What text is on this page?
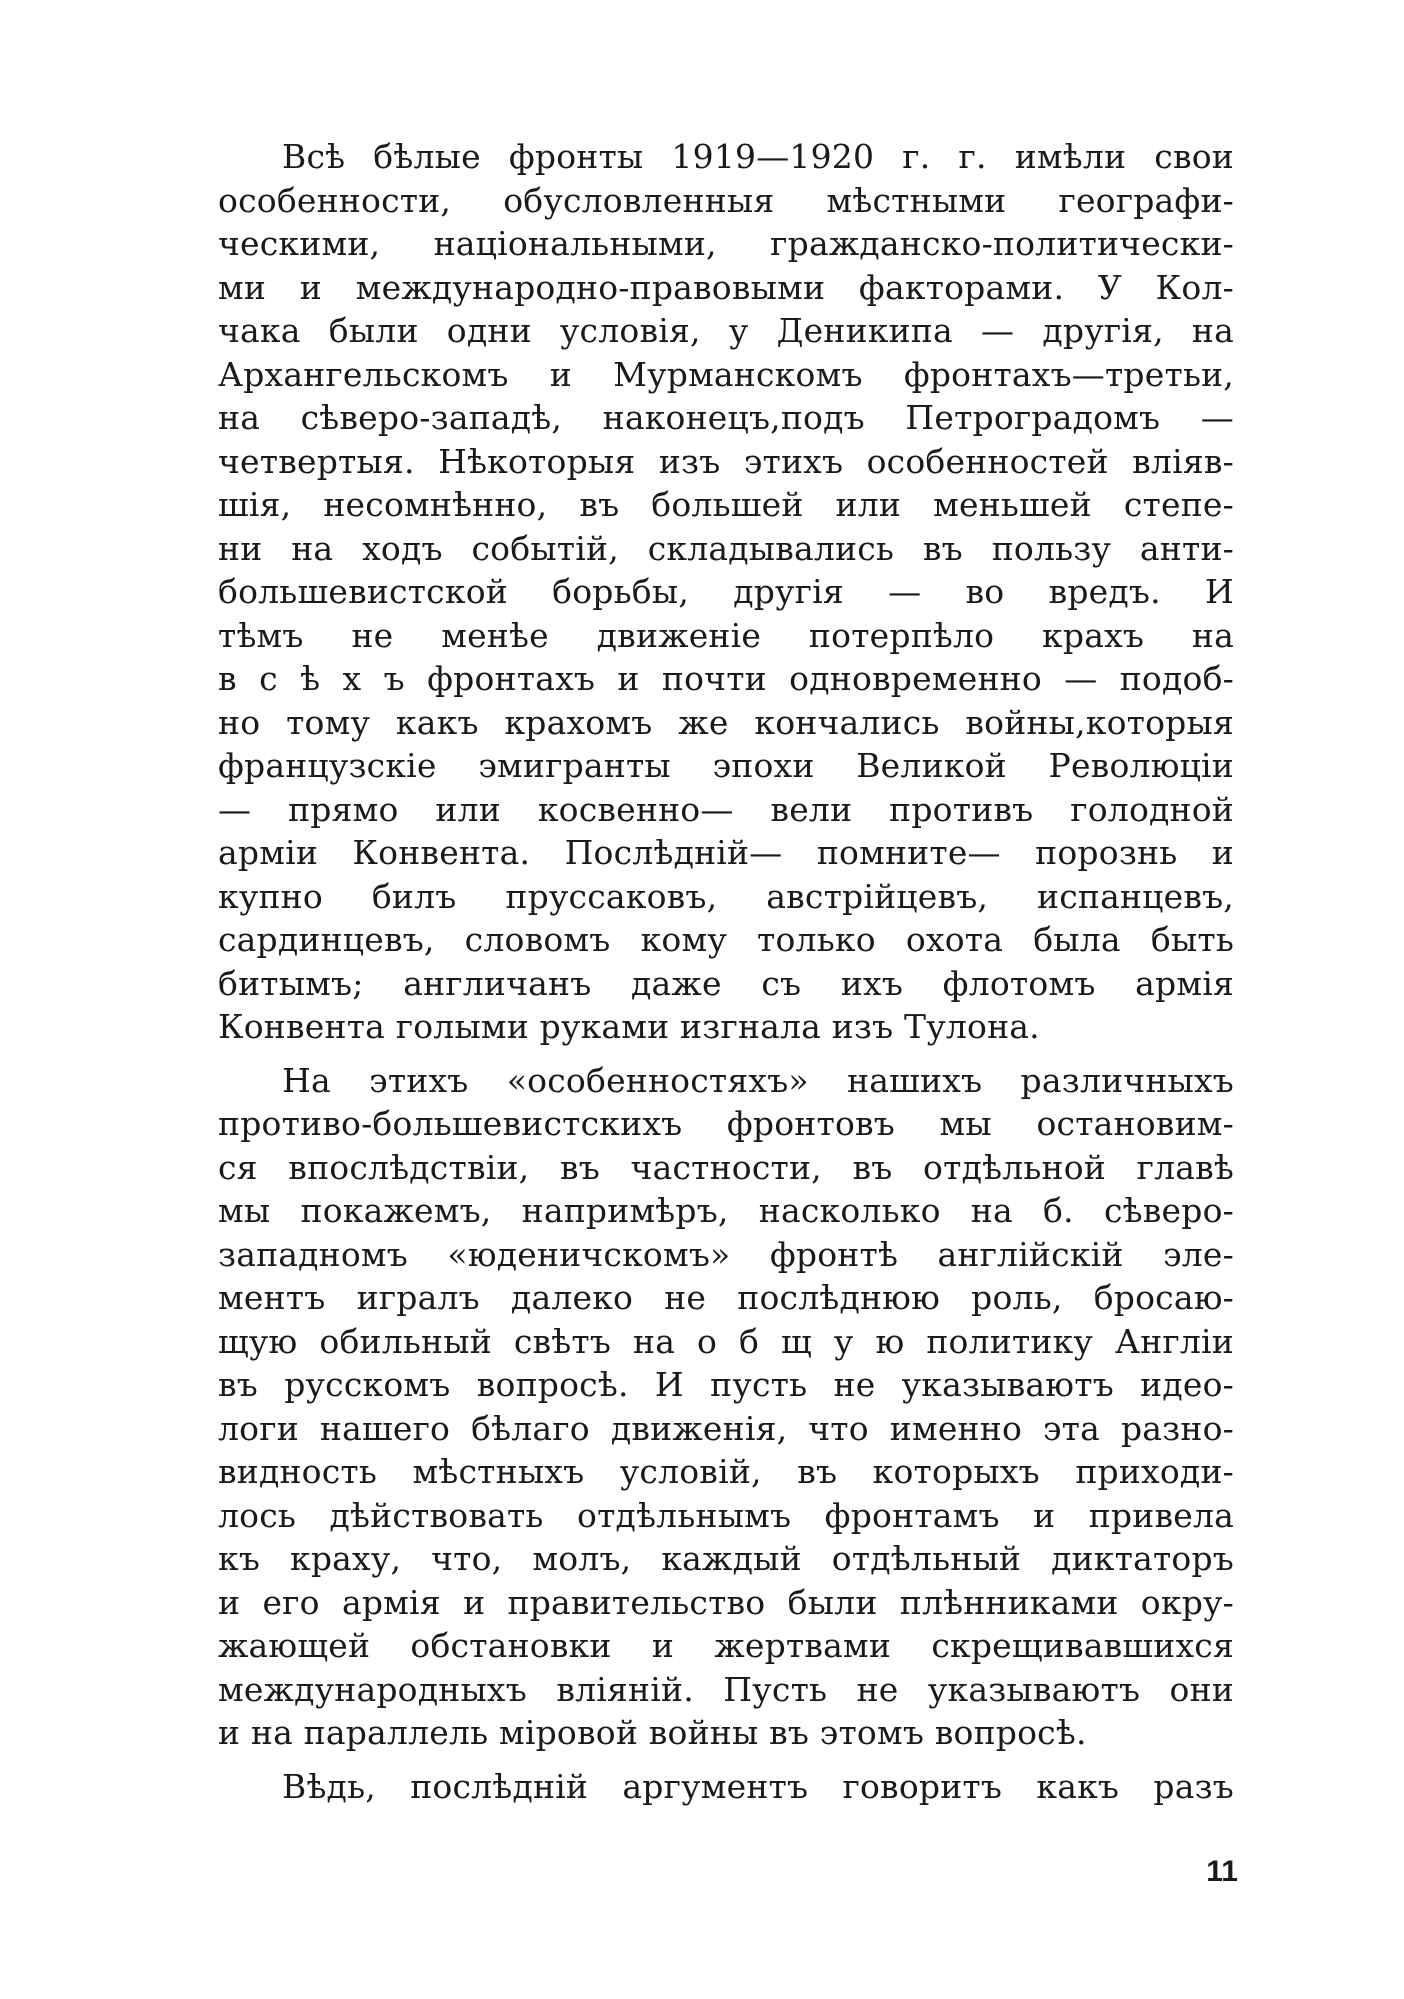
Всѣ бѣлые фронты 1919—1920 г. г. имѣли свои
особенности, обусловленныя мѣстными географи-
ческими, національными, гражданско-политически-
ми и международно-правовыми факторами. У Кол-
чака были одни условія, у Деникипа — другія, на
Архангельскомъ и Мурманскомъ фронтахъ—третьи,
на сѣверо-западѣ, наконецъ,подъ Петроградомъ —
четвертыя. Нѣкоторыя изъ этихъ особенностей вліяв-
шія, несомнѣнно, въ большей или меньшей степе-
ни на ходъ событій, складывались въ пользу анти-
большевистской борьбы, другія — во вредъ. И
тѣмъ не менѣе движеніе потерпѣло крахъ на
в с ѣ х ъ фронтахъ и почти одновременно — подоб-
но тому какъ крахомъ же кончались войны,которыя
французскіе эмигранты эпохи Великой Революціи
— прямо или косвенно— вели противъ голодной
арміи Конвента. Послѣдній— помните— порознь и
купно билъ пруссаковъ, австрійцевъ, испанцевъ,
сардинцевъ, словомъ кому только охота была быть
битымъ; англичанъ даже съ ихъ флотомъ армія
Конвента голыми руками изгнала изъ Тулона.
На этихъ «особенностяхъ» нашихъ различныхъ
противо-большевистскихъ фронтовъ мы остановим-
ся впослѣдствіи, въ частности, въ отдѣльной главѣ
мы покажемъ, напримѣръ, насколько на б. сѣверо-
западномъ «юденичскомъ» фронтѣ англійскій эле-
ментъ игралъ далеко не послѣднюю роль, бросаю-
щую обильный свѣтъ на о б щ у ю политику Англіи
въ русскомъ вопросѣ. И пусть не указываютъ идео-
логи нашего бѣлаго движенія, что именно эта разно-
видность мѣстныхъ условій, въ которыхъ приходи-
лось дѣйствовать отдѣльнымъ фронтамъ и привела
къ краху, что, молъ, каждый отдѣльный диктаторъ
и его армія и правительство были плѣнниками окру-
жающей обстановки и жертвами скрещивавшихся
международныхъ вліяній. Пусть не указываютъ они
и на параллель міровой войны въ этомъ вопросѣ.
Вѣдь, послѣдній аргументъ говоритъ какъ разъ
11
